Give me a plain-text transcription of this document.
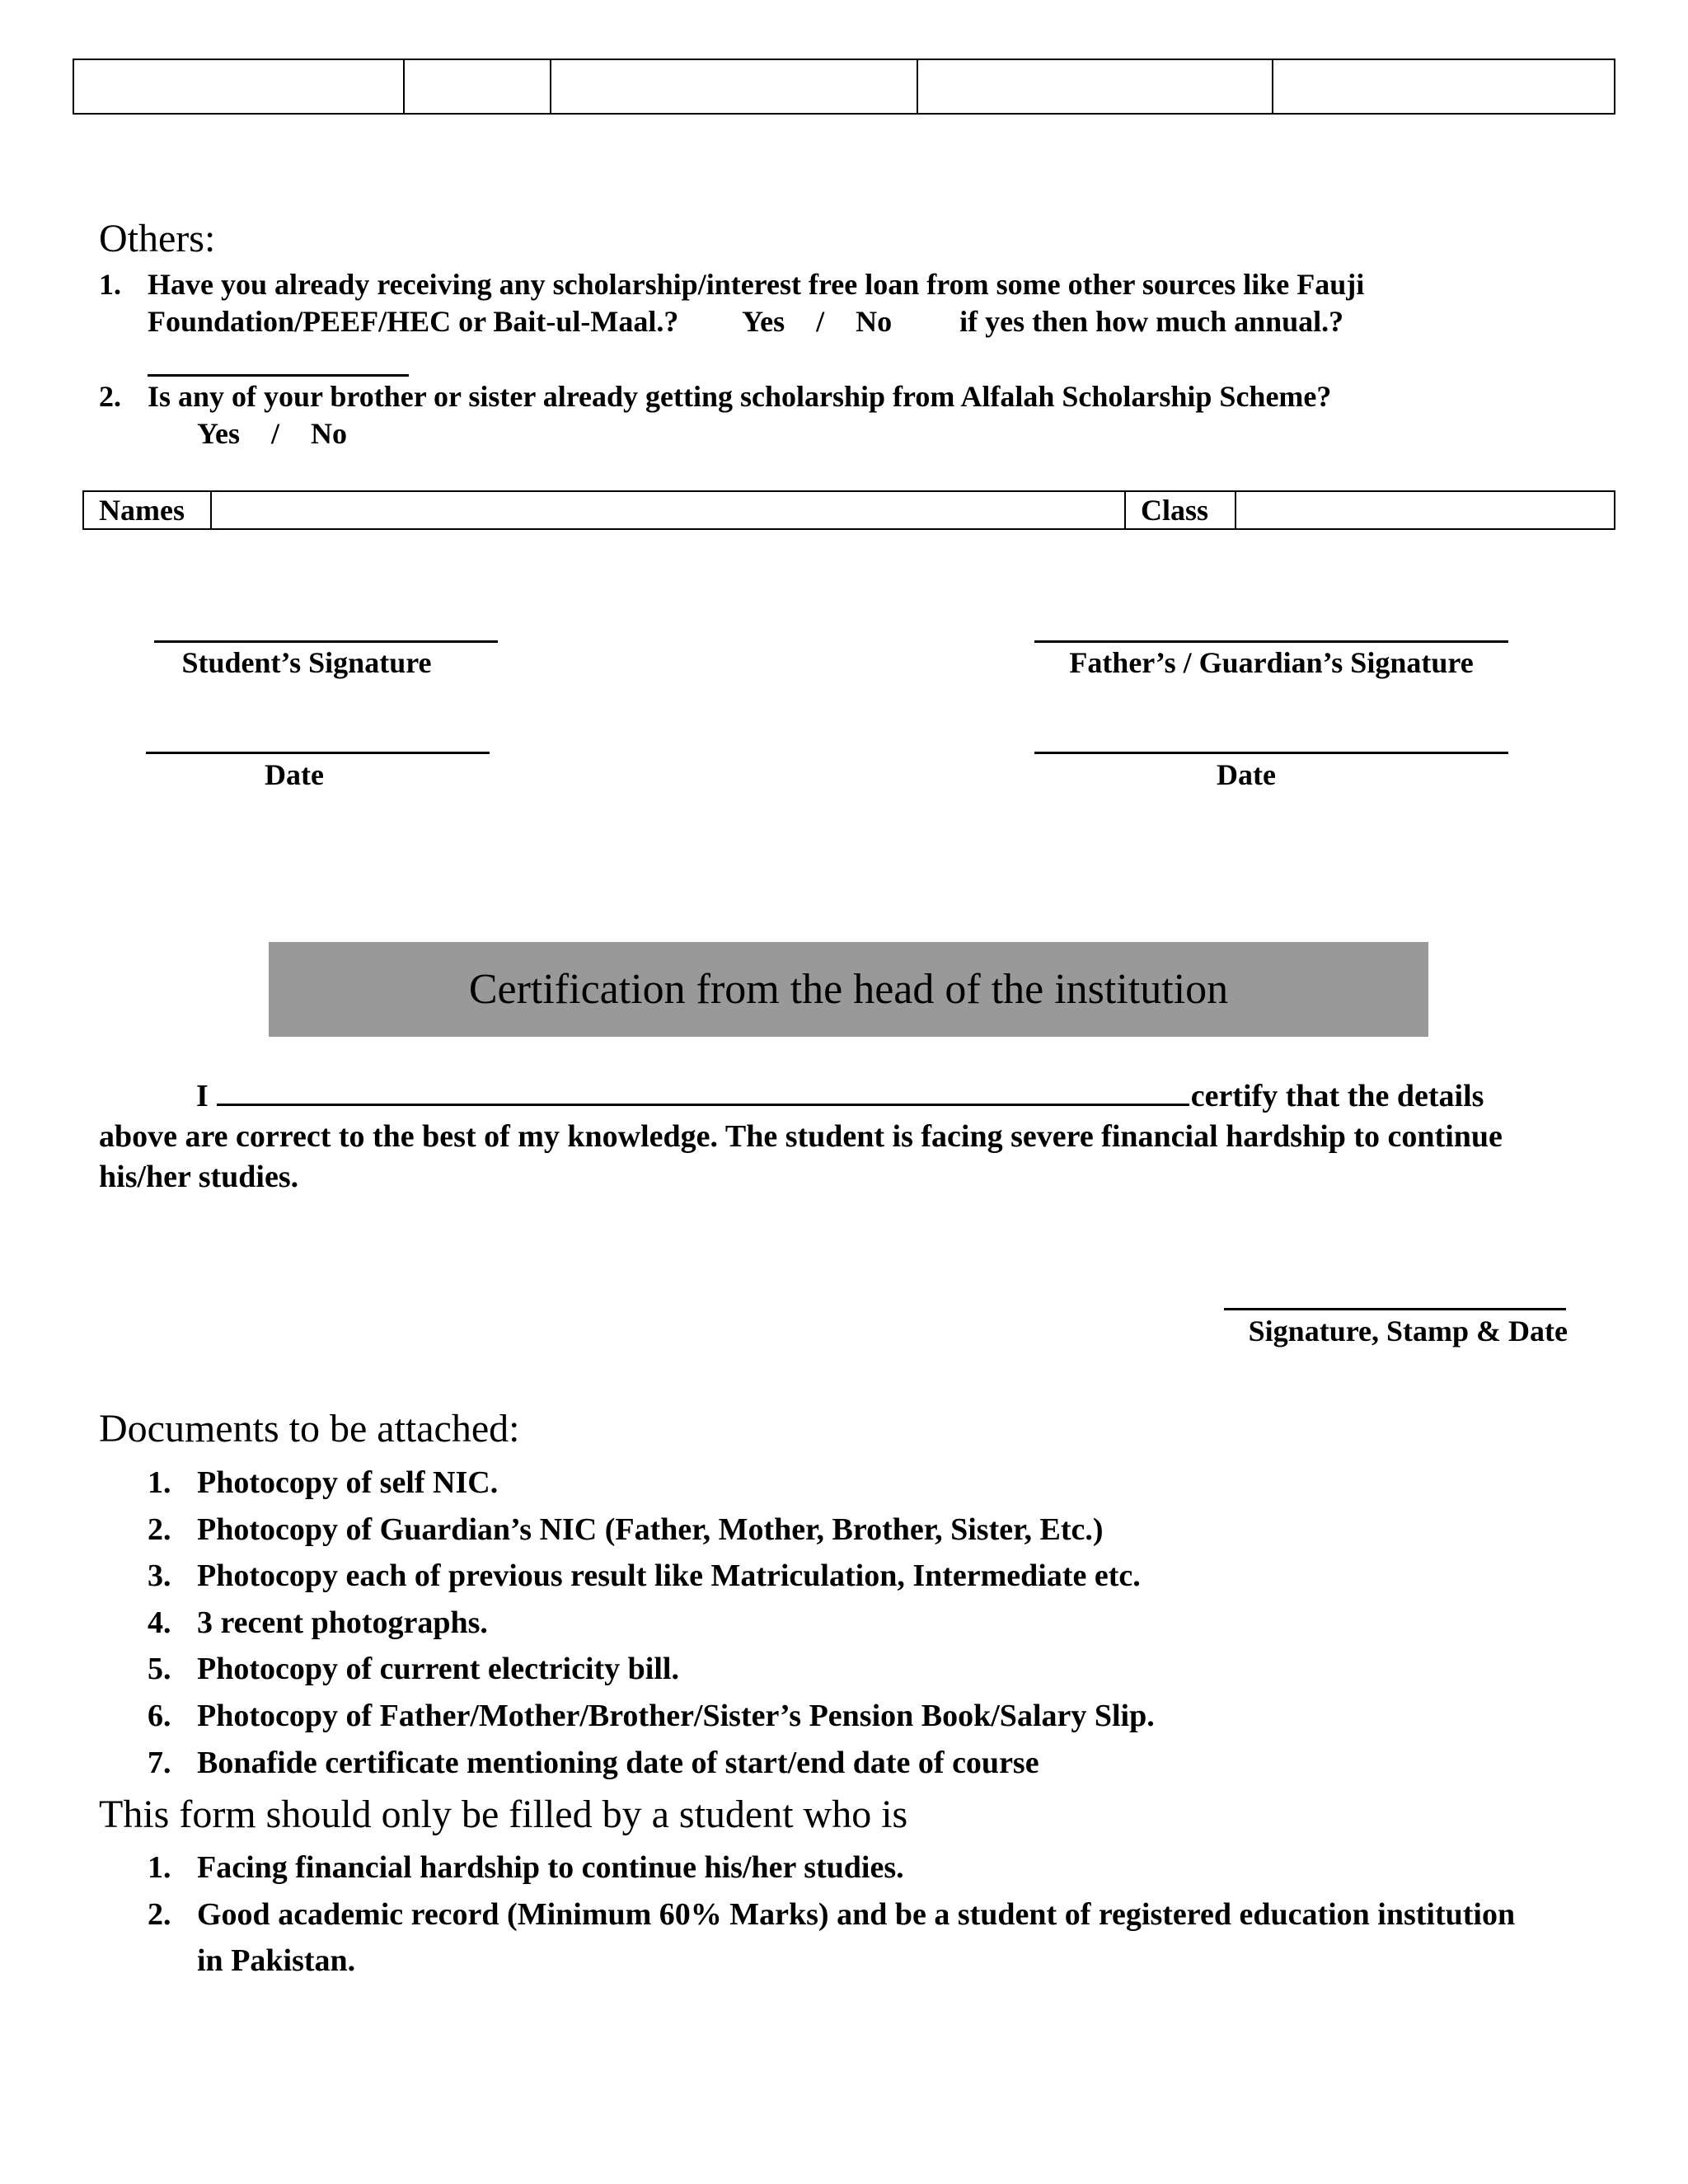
Others:
1. Have you already receiving any scholarship/interest free loan from some other sources like Fauji
Foundation/PEEF/HEC or Bait-ul-Maal.? Yes / No if yes then how much annual.?
2. Is any of your brother or sister already getting scholarship from Alfalah Scholarship Scheme?
Yes / No
Names	Class
Student’s Signature	Father’s / Guardian’s Signature
Date	Date
Certification from the head of the institution
I	certify that the details above are correct to the best of my knowledge. The student is facing severe financial hardship to continue his/her studies.
Signature, Stamp & Date
Documents to be attached:
1. Photocopy of self NIC.
2. Photocopy of Guardian’s NIC (Father, Mother, Brother, Sister, Etc.)
3. Photocopy each of previous result like Matriculation, Intermediate etc.
4. 3 recent photographs.
5. Photocopy of current electricity bill.
6. Photocopy of Father/Mother/Brother/Sister’s Pension Book/Salary Slip.
7. Bonafide certificate mentioning date of start/end date of course
This form should only be filled by a student who is
1. Facing financial hardship to continue his/her studies.
2. Good academic record (Minimum 60% Marks) and be a student of registered education institution in Pakistan.
